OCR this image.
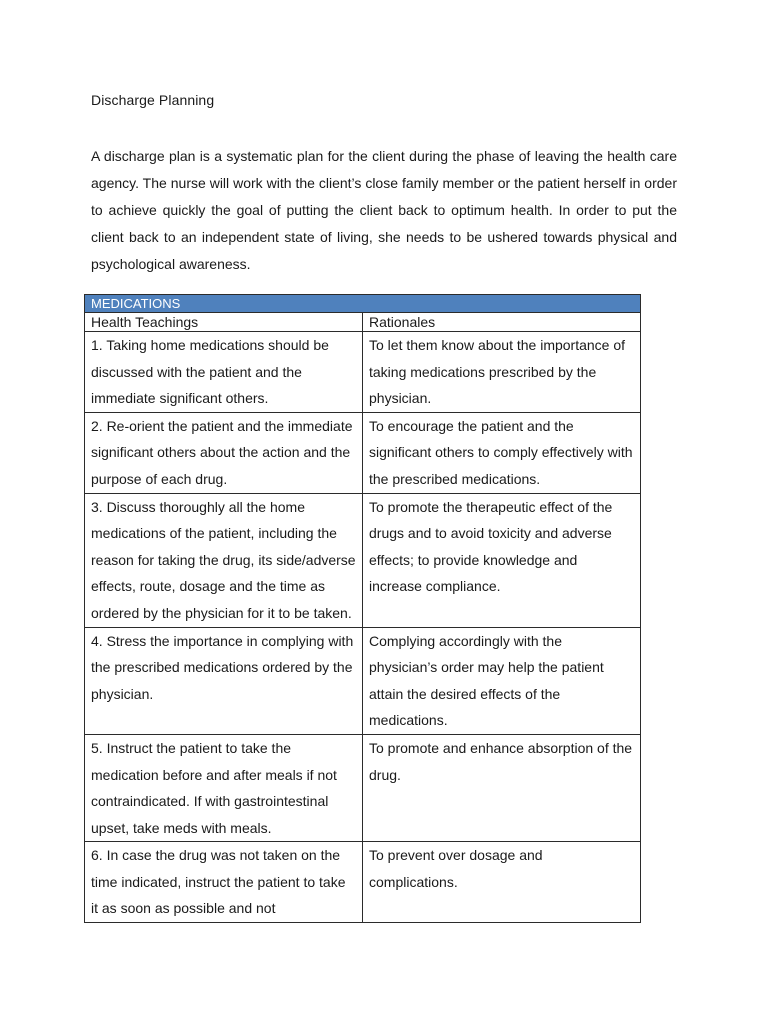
Discharge Planning

A discharge plan is a systematic plan for the client during the phase of leaving the health care agency. The nurse will work with the client’s close family member or the patient herself in order to achieve quickly the goal of putting the client back to optimum health. In order to put the client back to an independent state of living, she needs to be ushered towards physical and psychological awareness.

MEDICATIONS	
Health Teachings	Rationales
1. Taking home medications should be discussed with the patient and the immediate significant others.	To let them know about the importance of taking medications prescribed by the physician.
2. Re-orient the patient and the immediate significant others about the action and the purpose of each drug.	To encourage the patient and the significant others to comply effectively with the prescribed medications.
3. Discuss thoroughly all the home medications of the patient, including the reason for taking the drug, its side/adverse effects, route, dosage and the time as ordered by the physician for it to be taken.	To promote the therapeutic effect of the drugs and to avoid toxicity and adverse effects; to provide knowledge and increase compliance.
4. Stress the importance in complying with the prescribed medications ordered by the physician.	Complying accordingly with the physician’s order may help the patient attain the desired effects of the medications.
5. Instruct the patient to take the medication before and after meals if not contraindicated. If with gastrointestinal upset, take meds with meals.	To promote and enhance absorption of the drug.
6. In case the drug was not taken on the time indicated, instruct the patient to take it as soon as possible and not	To prevent over dosage and complications.
